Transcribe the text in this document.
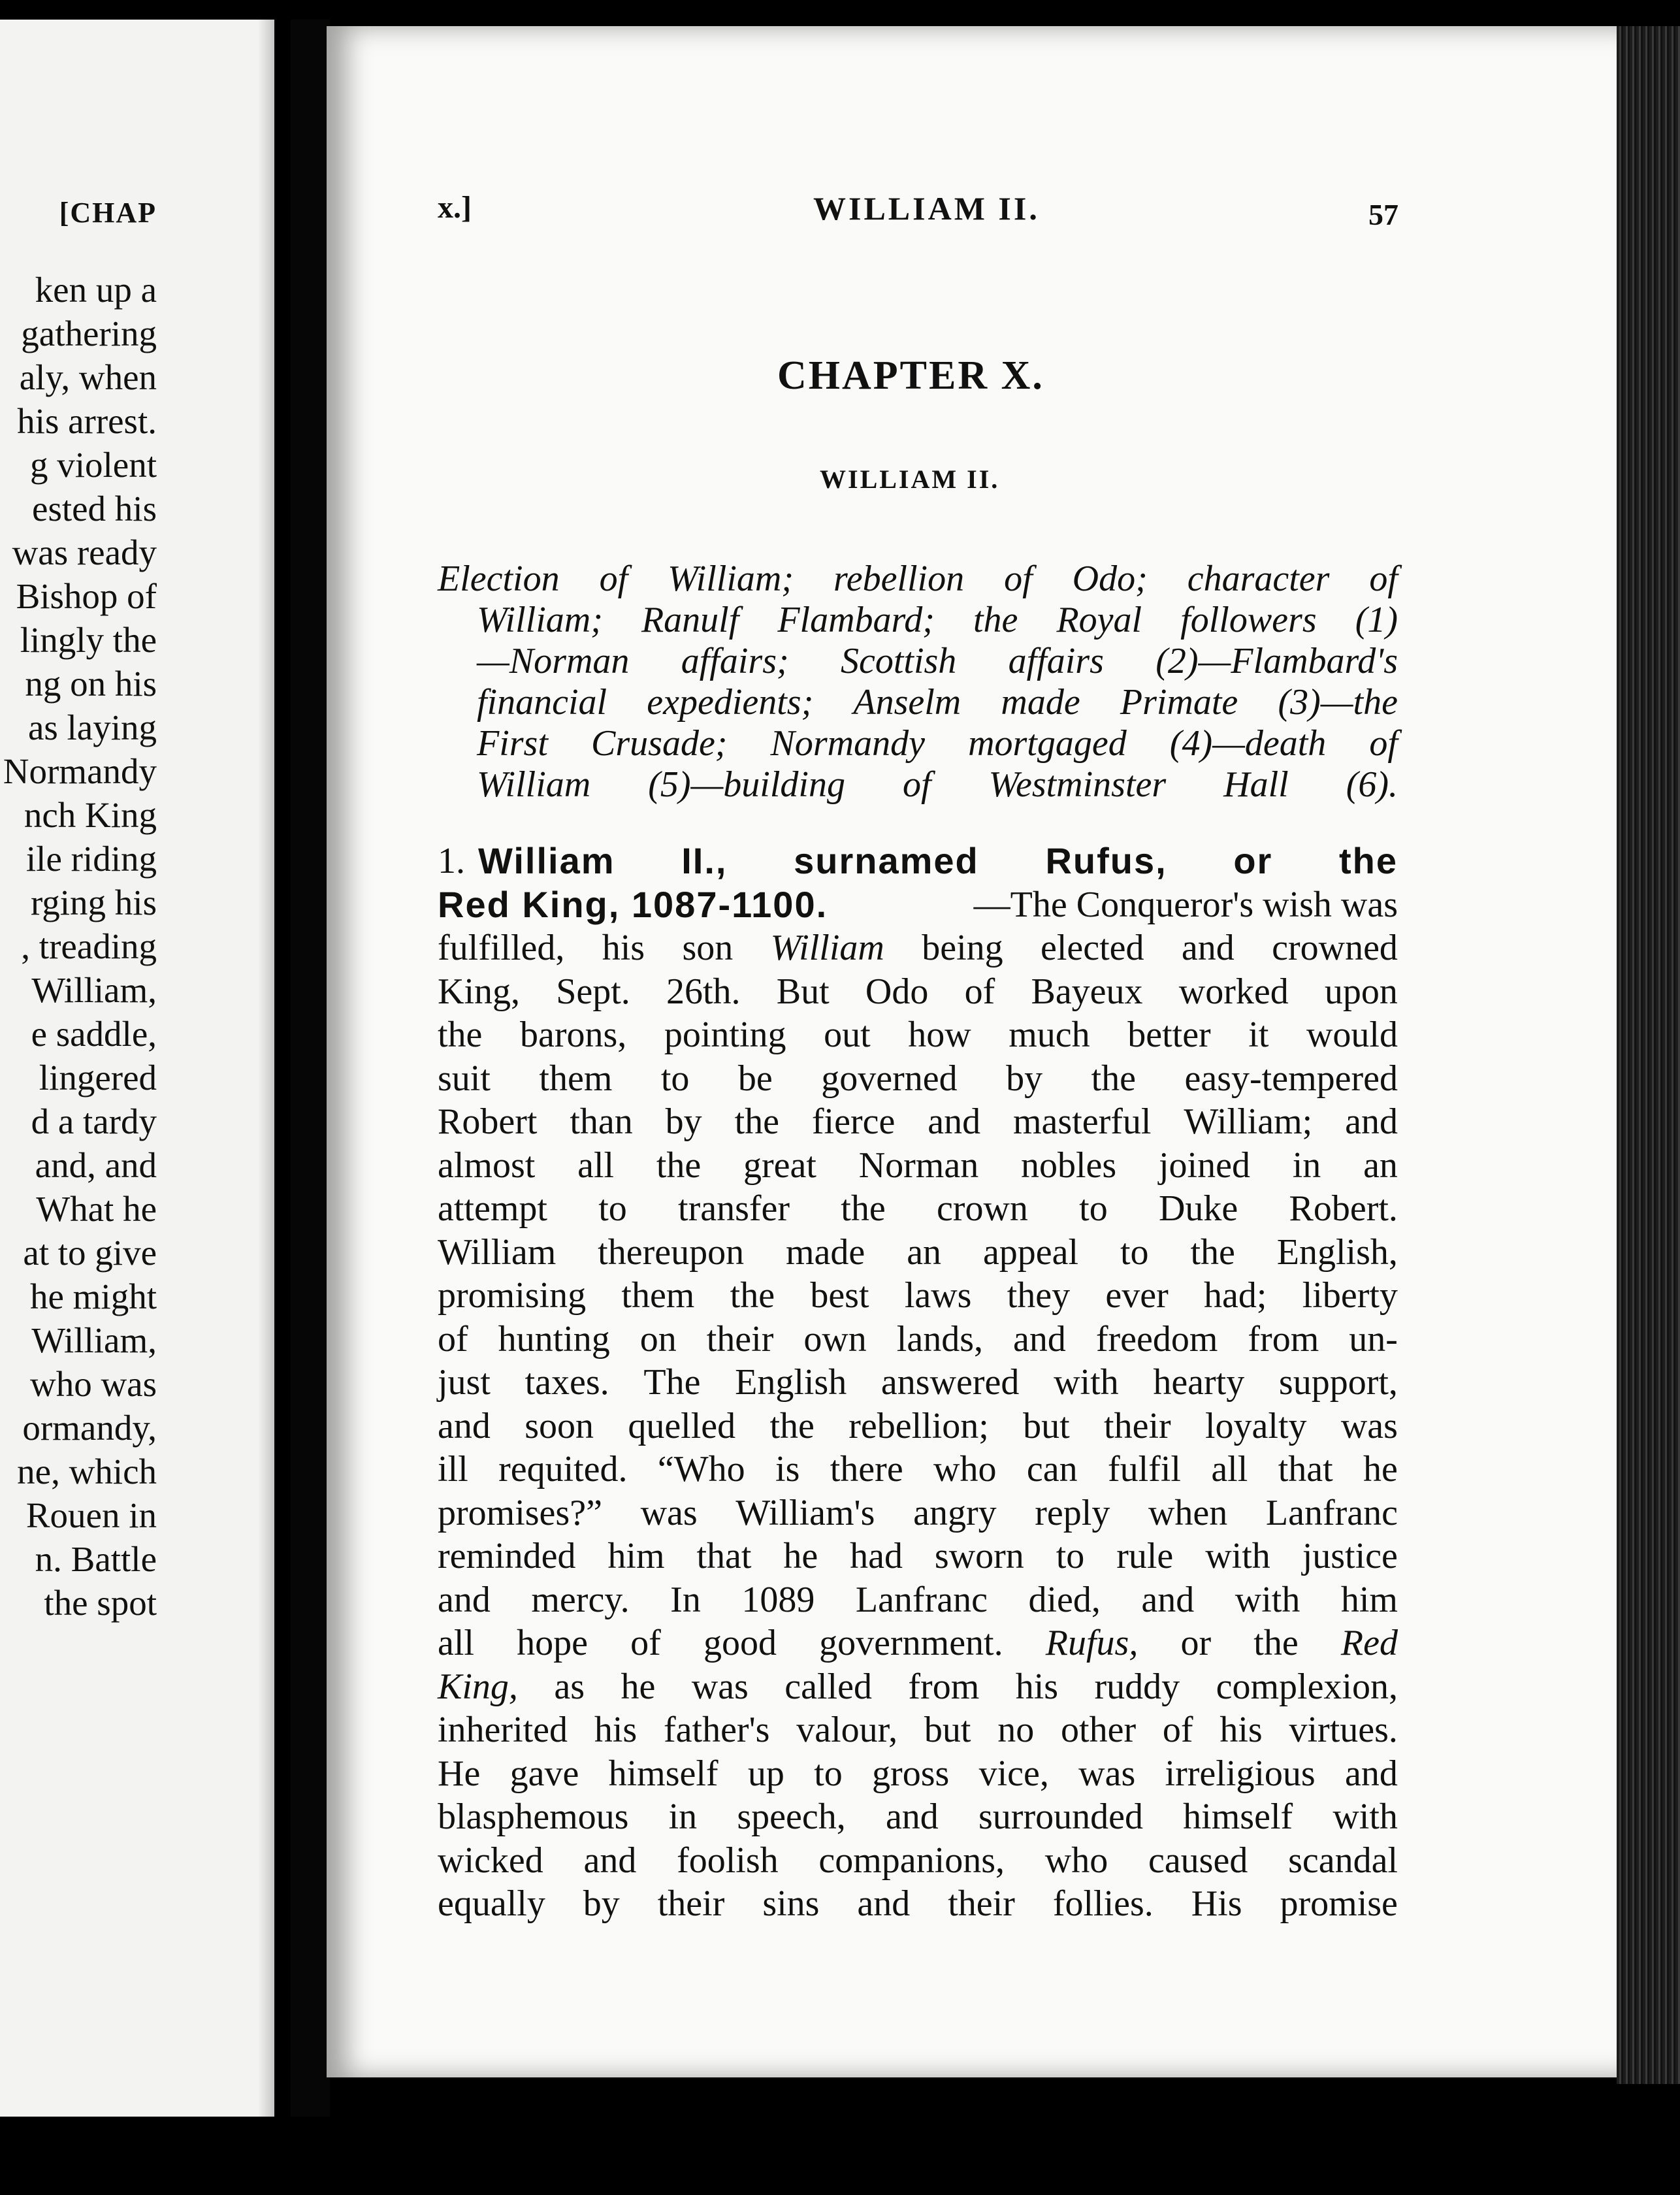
[CHAP
ken up a
gathering
aly, when
his arrest.
g violent
ested his
was ready
Bishop of
lingly the
ng on his
as laying
Normandy
nch King
ile riding
rging his
, treading
William,
e saddle,
lingered
d a tardy
and, and
What he
at to give
he might
William,
who was
ormandy,
ne, which
Rouen in
n. Battle
the spot
x.]	WILLIAM II.	57
CHAPTER X.
WILLIAM II.
Election of William; rebellion of Odo; character of
William; Ranulf Flambard; the Royal followers (1)
—Norman affairs; Scottish affairs (2)—Flambard's
financial expedients; Anselm made Primate (3)—the
First Crusade; Normandy mortgaged (4)—death of
William (5)—building of Westminster Hall (6).
1. William II., surnamed Rufus, or the
Red King, 1087-1100.	—The Conqueror's wish was
fulfilled, his son William being elected and crowned
King, Sept. 26th. But Odo of Bayeux worked upon
the barons, pointing out how much better it would
suit them to be governed by the easy-tempered
Robert than by the fierce and masterful William; and
almost all the great Norman nobles joined in an
attempt to transfer the crown to Duke Robert.
William thereupon made an appeal to the English,
promising them the best laws they ever had; liberty
of hunting on their own lands, and freedom from un-
just taxes. The English answered with hearty support,
and soon quelled the rebellion; but their loyalty was
ill requited. “Who is there who can fulfil all that he
promises?” was William's angry reply when Lanfranc
reminded him that he had sworn to rule with justice
and mercy. In 1089 Lanfranc died, and with him
all hope of good government. Rufus, or the Red
King, as he was called from his ruddy complexion,
inherited his father's valour, but no other of his virtues.
He gave himself up to gross vice, was irreligious and
blasphemous in speech, and surrounded himself with
wicked and foolish companions, who caused scandal
equally by their sins and their follies. His promise
